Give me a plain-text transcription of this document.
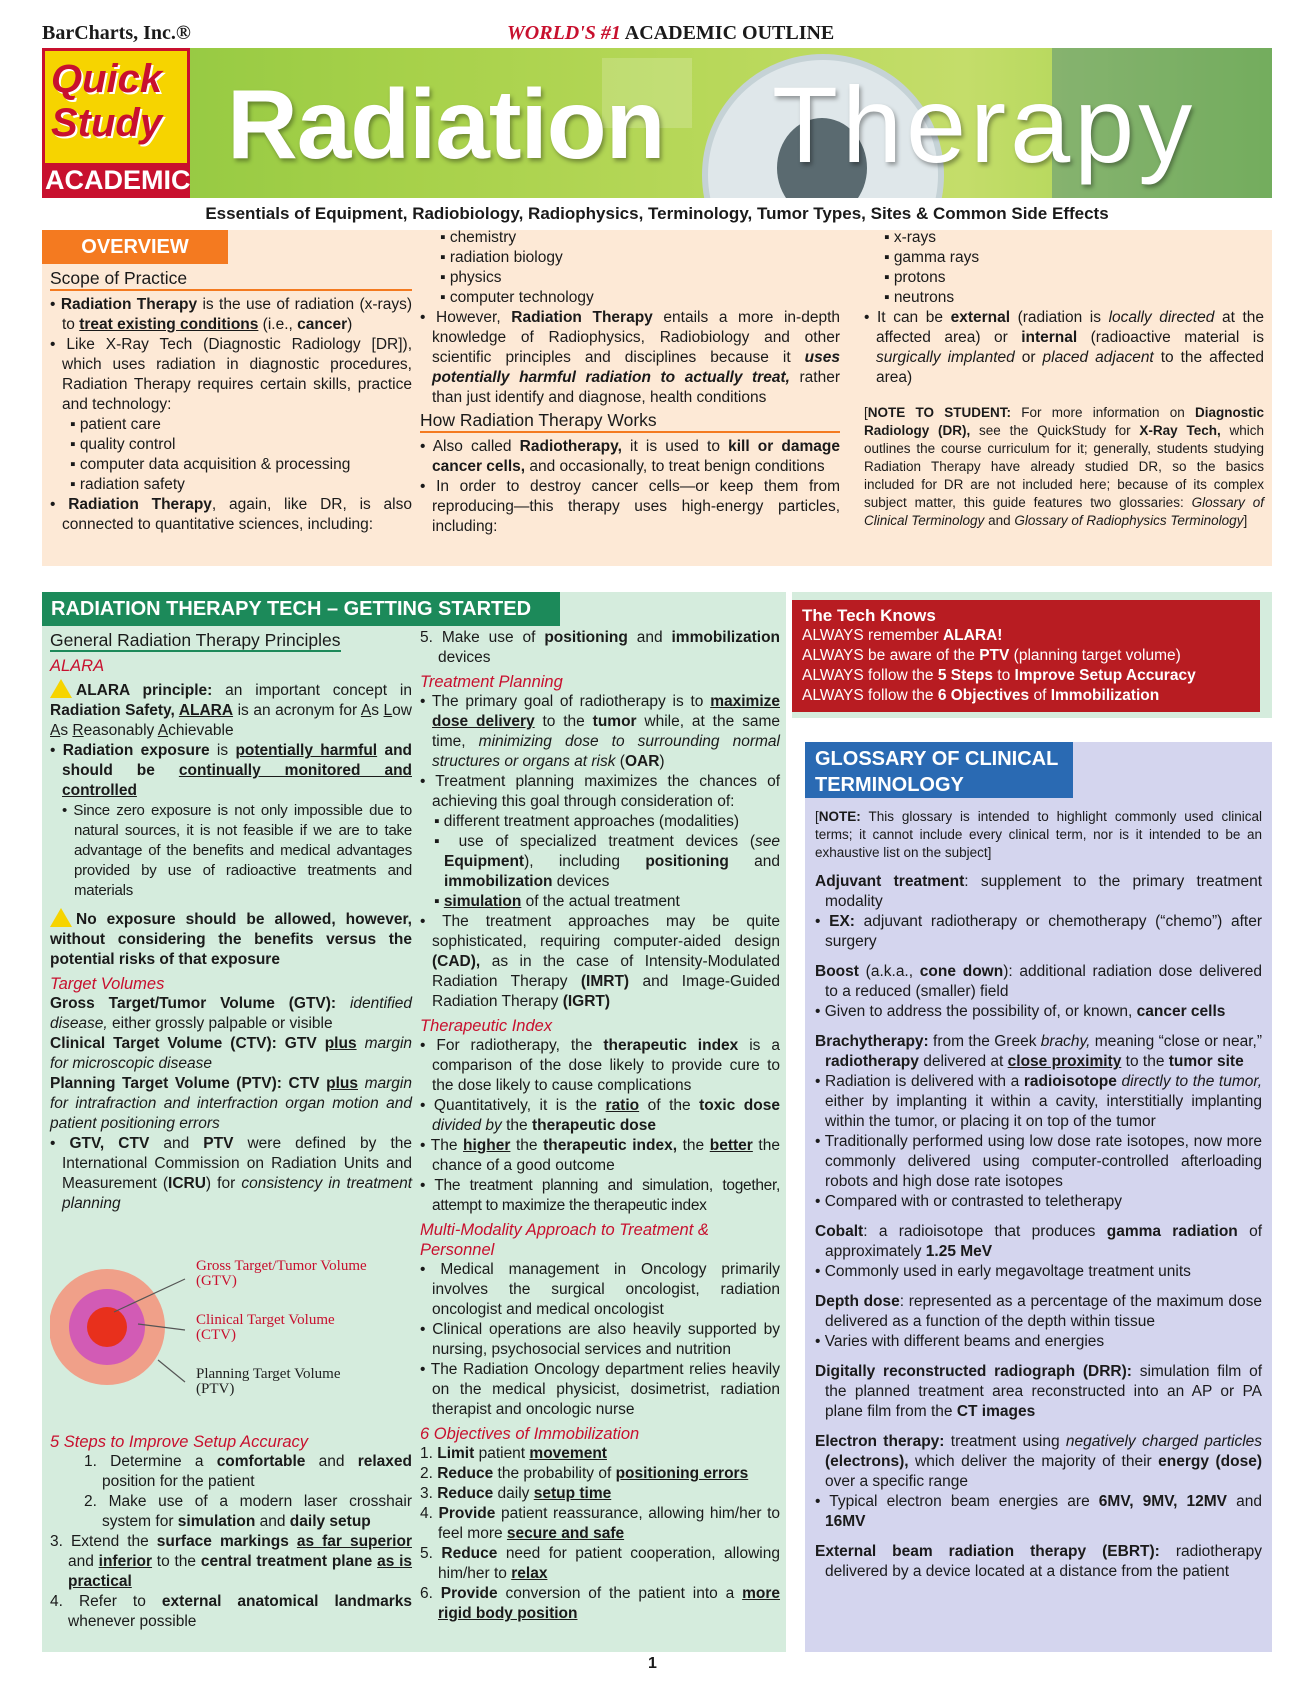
BarCharts, Inc.®	WORLD'S #1 ACADEMIC OUTLINE
Quick
Study
ACADEMIC
Radiation Therapy
Essentials of Equipment, Radiobiology, Radiophysics, Terminology, Tumor Types, Sites & Common Side Effects
OVERVIEW
Scope of Practice

• Radiation Therapy is the use of radiation (x-rays) to treat existing conditions (i.e., cancer)

• Like X-Ray Tech (Diagnostic Radiology [DR]), which uses radiation in diagnostic procedures, Radiation Therapy requires certain skills, practice and technology:

▪ patient care

▪ quality control

▪ computer data acquisition & processing

▪ radiation safety

• Radiation Therapy, again, like DR, is also connected to quantitative sciences, including:

▪ chemistry

▪ radiation biology

▪ physics

▪ computer technology

• However, Radiation Therapy entails a more in-depth knowledge of Radiophysics, Radiobiology and other scientific principles and disciplines because it uses potentially harmful radiation to actually treat, rather than just identify and diagnose, health conditions

How Radiation Therapy Works

• Also called Radiotherapy, it is used to kill or damage cancer cells, and occasionally, to treat benign conditions

• In order to destroy cancer cells—or keep them from reproducing—this therapy uses high-energy particles, including:

▪ x-rays

▪ gamma rays

▪ protons

▪ neutrons

• It can be external (radiation is locally directed at the affected area) or internal (radioactive material is surgically implanted or placed adjacent to the affected area)

[NOTE TO STUDENT: For more information on Diagnostic Radiology (DR), see the QuickStudy for X-Ray Tech, which outlines the course curriculum for it; generally, students studying Radiation Therapy have already studied DR, so the basics included for DR are not included here; because of its complex subject matter, this guide features two glossaries: Glossary of Clinical Terminology and Glossary of Radiophysics Terminology]

RADIATION THERAPY TECH – GETTING STARTED
General Radiation Therapy Principles
ALARA

ALARA principle: an important concept in Radiation Safety, ALARA is an acronym for As Low As Reasonably Achievable

• Radiation exposure is potentially harmful and should be continually monitored and controlled

• Since zero exposure is not only impossible due to natural sources, it is not feasible if we are to take advantage of the benefits and medical advantages provided by use of radioactive treatments and materials

No exposure should be allowed, however, without considering the benefits versus the potential risks of that exposure

Target Volumes

Gross Target/Tumor Volume (GTV): identified disease, either grossly palpable or visible

Clinical Target Volume (CTV): GTV plus margin for microscopic disease

Planning Target Volume (PTV): CTV plus margin for intrafraction and interfraction organ motion and patient positioning errors

• GTV, CTV and PTV were defined by the International Commission on Radiation Units and Measurement (ICRU) for consistency in treatment planning

Gross Target/Tumor Volume (GTV)
Clinical Target Volume (CTV)
Planning Target Volume (PTV)
5 Steps to Improve Setup Accuracy

1. Determine a comfortable and relaxed position for the patient

2. Make use of a modern laser crosshair system for simulation and daily setup

3. Extend the surface markings as far superior and inferior to the central treatment plane as is practical

4. Refer to external anatomical landmarks whenever possible

5. Make use of positioning and immobilization devices

Treatment Planning

• The primary goal of radiotherapy is to maximize dose delivery to the tumor while, at the same time, minimizing dose to surrounding normal structures or organs at risk (OAR)

• Treatment planning maximizes the chances of achieving this goal through consideration of:

▪ different treatment approaches (modalities)

▪ use of specialized treatment devices (see Equipment), including positioning and immobilization devices

▪ simulation of the actual treatment

• The treatment approaches may be quite sophisticated, requiring computer-aided design (CAD), as in the case of Intensity-Modulated Radiation Therapy (IMRT) and Image-Guided Radiation Therapy (IGRT)

Therapeutic Index

• For radiotherapy, the therapeutic index is a comparison of the dose likely to provide cure to the dose likely to cause complications

• Quantitatively, it is the ratio of the toxic dose divided by the therapeutic dose

• The higher the therapeutic index, the better the chance of a good outcome

• The treatment planning and simulation, together, attempt to maximize the therapeutic index

Multi-Modality Approach to Treatment & Personnel

• Medical management in Oncology primarily involves the surgical oncologist, radiation oncologist and medical oncologist

• Clinical operations are also heavily supported by nursing, psychosocial services and nutrition

• The Radiation Oncology department relies heavily on the medical physicist, dosimetrist, radiation therapist and oncologic nurse

6 Objectives of Immobilization

1. Limit patient movement

2. Reduce the probability of positioning errors

3. Reduce daily setup time

4. Provide patient reassurance, allowing him/her to feel more secure and safe

5. Reduce need for patient cooperation, allowing him/her to relax

6. Provide conversion of the patient into a more rigid body position

The Tech Knows
ALWAYS remember ALARA!
ALWAYS be aware of the PTV (planning target volume)
ALWAYS follow the 5 Steps to Improve Setup Accuracy
ALWAYS follow the 6 Objectives of Immobilization
GLOSSARY OF CLINICAL TERMINOLOGY

[NOTE: This glossary is intended to highlight commonly used clinical terms; it cannot include every clinical term, nor is it intended to be an exhaustive list on the subject]

Adjuvant treatment: supplement to the primary treatment modality

• EX: adjuvant radiotherapy or chemotherapy (“chemo”) after surgery

Boost (a.k.a., cone down): additional radiation dose delivered to a reduced (smaller) field

• Given to address the possibility of, or known, cancer cells

Brachytherapy: from the Greek brachy, meaning “close or near,” radiotherapy delivered at close proximity to the tumor site

• Radiation is delivered with a radioisotope directly to the tumor, either by implanting it within a cavity, interstitially implanting within the tumor, or placing it on top of the tumor

• Traditionally performed using low dose rate isotopes, now more commonly delivered using computer-controlled afterloading robots and high dose rate isotopes

• Compared with or contrasted to teletherapy

Cobalt: a radioisotope that produces gamma radiation of approximately 1.25 MeV

• Commonly used in early megavoltage treatment units

Depth dose: represented as a percentage of the maximum dose delivered as a function of the depth within tissue

• Varies with different beams and energies

Digitally reconstructed radiograph (DRR): simulation film of the planned treatment area reconstructed into an AP or PA plane film from the CT images

Electron therapy: treatment using negatively charged particles (electrons), which deliver the majority of their energy (dose) over a specific range

• Typical electron beam energies are 6MV, 9MV, 12MV and 16MV

External beam radiation therapy (EBRT): radiotherapy delivered by a device located at a distance from the patient

1
